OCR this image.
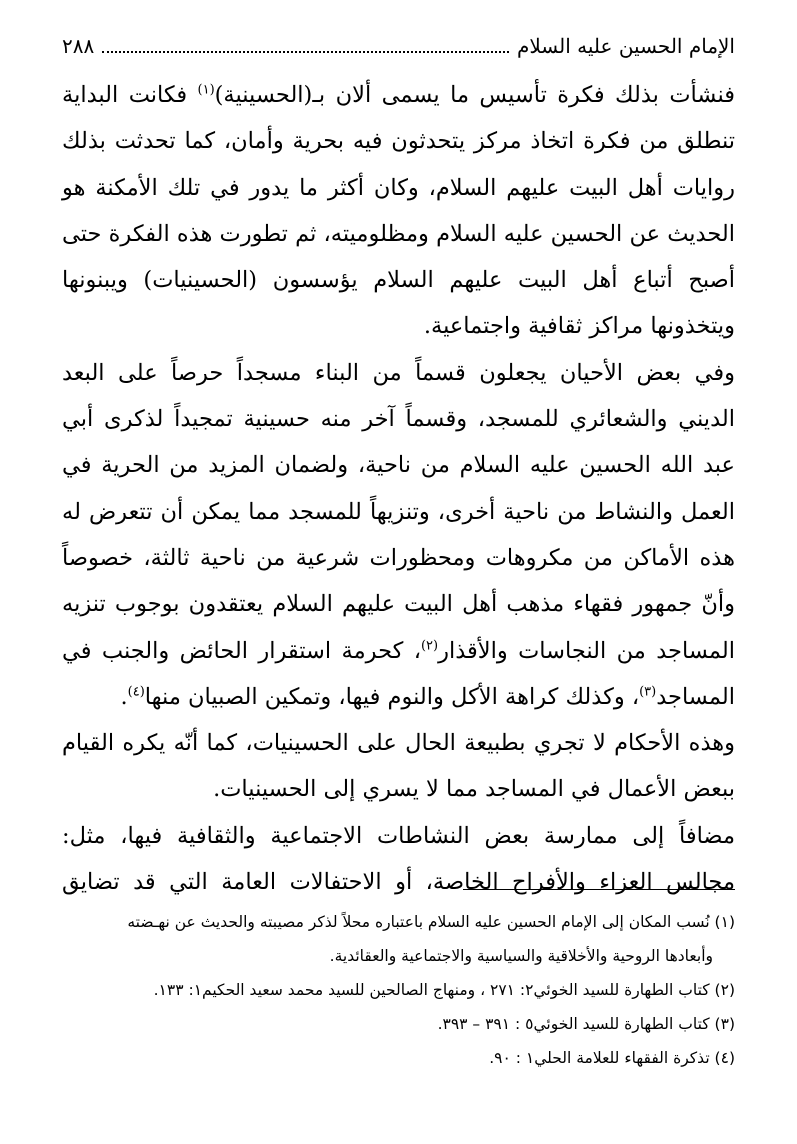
الإمام الحسين عليه السلام
٢٨٨

فنشأت بذلك فكرة تأسيس ما يسمى ألان بـ(الحسينية)$^{(١)}$ فكانت البداية تنطلق من فكرة اتخاذ مركز يتحدثون فيه بحرية وأمان، كما تحدثت بذلك روايات أهل البيت عليهم السلام، وكان أكثر ما يدور في تلك الأمكنة هو الحديث عن الحسين عليه السلام ومظلوميته، ثم تطورت هذه الفكرة حتى أصبح أتباع أهل البيت عليهم السلام يؤسسون (الحسينيات) ويبنونها ويتخذونها مراكز ثقافية واجتماعية.

وفي بعض الأحيان يجعلون قسماً من البناء مسجداً حرصاً على البعد الديني والشعائري للمسجد، وقسماً آخر منه حسينية تمجيداً لذكرى أبي عبد الله الحسين عليه السلام من ناحية، ولضمان المزيد من الحرية في العمل والنشاط من ناحية أخرى، وتنزيهاً للمسجد مما يمكن أن تتعرض له هذه الأماكن من مكروهات ومحظورات شرعية من ناحية ثالثة، خصوصاً وأنّ جمهور فقهاء مذهب أهل البيت عليهم السلام يعتقدون بوجوب تنزيه المساجد من النجاسات والأقذار$^{(٢)}$، كحرمة استقرار الحائض والجنب في المساجد$^{(٣)}$، وكذلك كراهة الأكل والنوم فيها، وتمكين الصبيان منها$^{(٤)}$.

وهذه الأحكام لا تجري بطبيعة الحال على الحسينيات، كما أنّه يكره القيام ببعض الأعمال في المساجد مما لا يسري إلى الحسينيات.

مضافاً إلى ممارسة بعض النشاطات الاجتماعية والثقافية فيها، مثل: مجالس العزاء والأفراح الخاصة، أو الاحتفالات العامة التي قد تضايق

(١) نُسب المكان إلى الإمام الحسين عليه السلام باعتباره محلاً لذكر مصيبته والحديث عن نهـضته

وأبعادها الروحية والأخلاقية والسياسية والاجتماعية والعقائدية.

(٢) كتاب الطهارة للسيد الخوئي٢: ٢٧١ ، ومنهاج الصالحين للسيد محمد سعيد الحكيم١: ١٣٣.

(٣) كتاب الطهارة للسيد الخوئي٥ : ٣٩١ – ٣٩٣.

(٤) تذكرة الفقهاء للعلامة الحلي١ : ٩٠.
